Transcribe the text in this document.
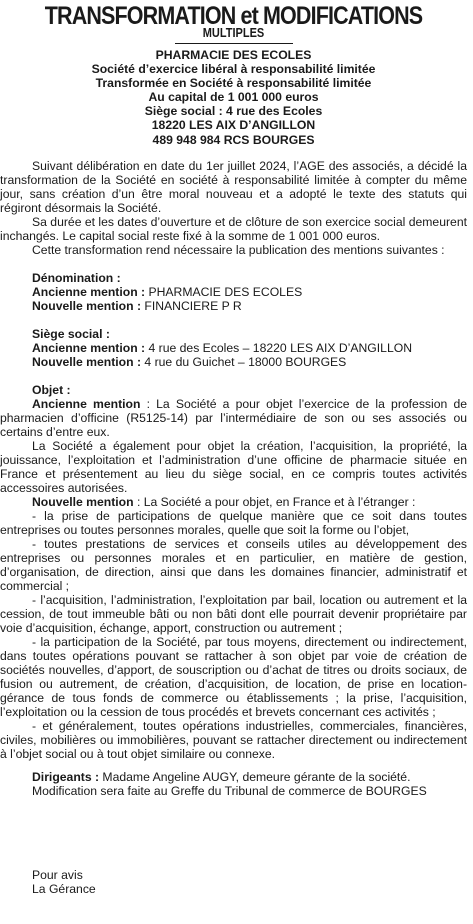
TRANSFORMATION et MODIFICATIONS
MULTIPLES
PHARMACIE DES ECOLES
Société d’exercice libéral à responsabilité limitée
Transformée en Société à responsabilité limitée
Au capital de 1 001 000 euros
Siège social : 4 rue des Ecoles
18220 LES AIX D’ANGILLON
489 948 984 RCS BOURGES

Suivant délibération en date du 1er juillet 2024, l’AGE des associés, a décidé la transformation de la Société en société à responsabilité limitée à compter du même jour, sans création d’un être moral nouveau et a adopté le texte des statuts qui régiront désormais la Société.

Sa durée et les dates d’ouverture et de clôture de son exercice social demeurent inchangés. Le capital social reste fixé à la somme de 1 001 000 euros.

Cette transformation rend nécessaire la publication des mentions suivantes :

Dénomination :

Ancienne mention : PHARMACIE DES ECOLES

Nouvelle mention : FINANCIERE P R

Siège social :

Ancienne mention : 4 rue des Ecoles – 18220 LES AIX D’ANGILLON

Nouvelle mention : 4 rue du Guichet – 18000 BOURGES

Objet :

Ancienne mention : La Société a pour objet l’exercice de la profession de pharmacien d’officine (R5125-14) par l’intermédiaire de son ou ses associés ou certains d’entre eux.

La Société a également pour objet la création, l’acquisition, la propriété, la jouissance, l’exploitation et l’administration d’une officine de pharmacie située en France et présentement au lieu du siège social, en ce compris toutes activités accessoires autorisées.

Nouvelle mention : La Société a pour objet, en France et à l’étranger :

- la prise de participations de quelque manière que ce soit dans toutes entreprises ou toutes personnes morales, quelle que soit la forme ou l’objet,

- toutes prestations de services et conseils utiles au développement des entreprises ou personnes morales et en particulier, en matière de gestion, d’organisation, de direction, ainsi que dans les domaines financier, administratif et commercial ;

- l’acquisition, l’administration, l’exploitation par bail, location ou autrement et la cession, de tout immeuble bâti ou non bâti dont elle pourrait devenir propriétaire par voie d’acquisition, échange, apport, construction ou autrement ;

- la participation de la Société, par tous moyens, directement ou indirectement, dans toutes opérations pouvant se rattacher à son objet par voie de création de sociétés nouvelles, d’apport, de souscription ou d’achat de titres ou droits sociaux, de fusion ou autrement, de création, d’acquisition, de location, de prise en location-gérance de tous fonds de commerce ou établissements ; la prise, l’acquisition, l’exploitation ou la cession de tous procédés et brevets concernant ces activités ;

- et généralement, toutes opérations industrielles, commerciales, financières, civiles, mobilières ou immobilières, pouvant se rattacher directement ou indirectement à l’objet social ou à tout objet similaire ou connexe.

Dirigeants : Madame Angeline AUGY, demeure gérante de la société.

Modification sera faite au Greffe du Tribunal de commerce de BOURGES

Pour avis

La Gérance
